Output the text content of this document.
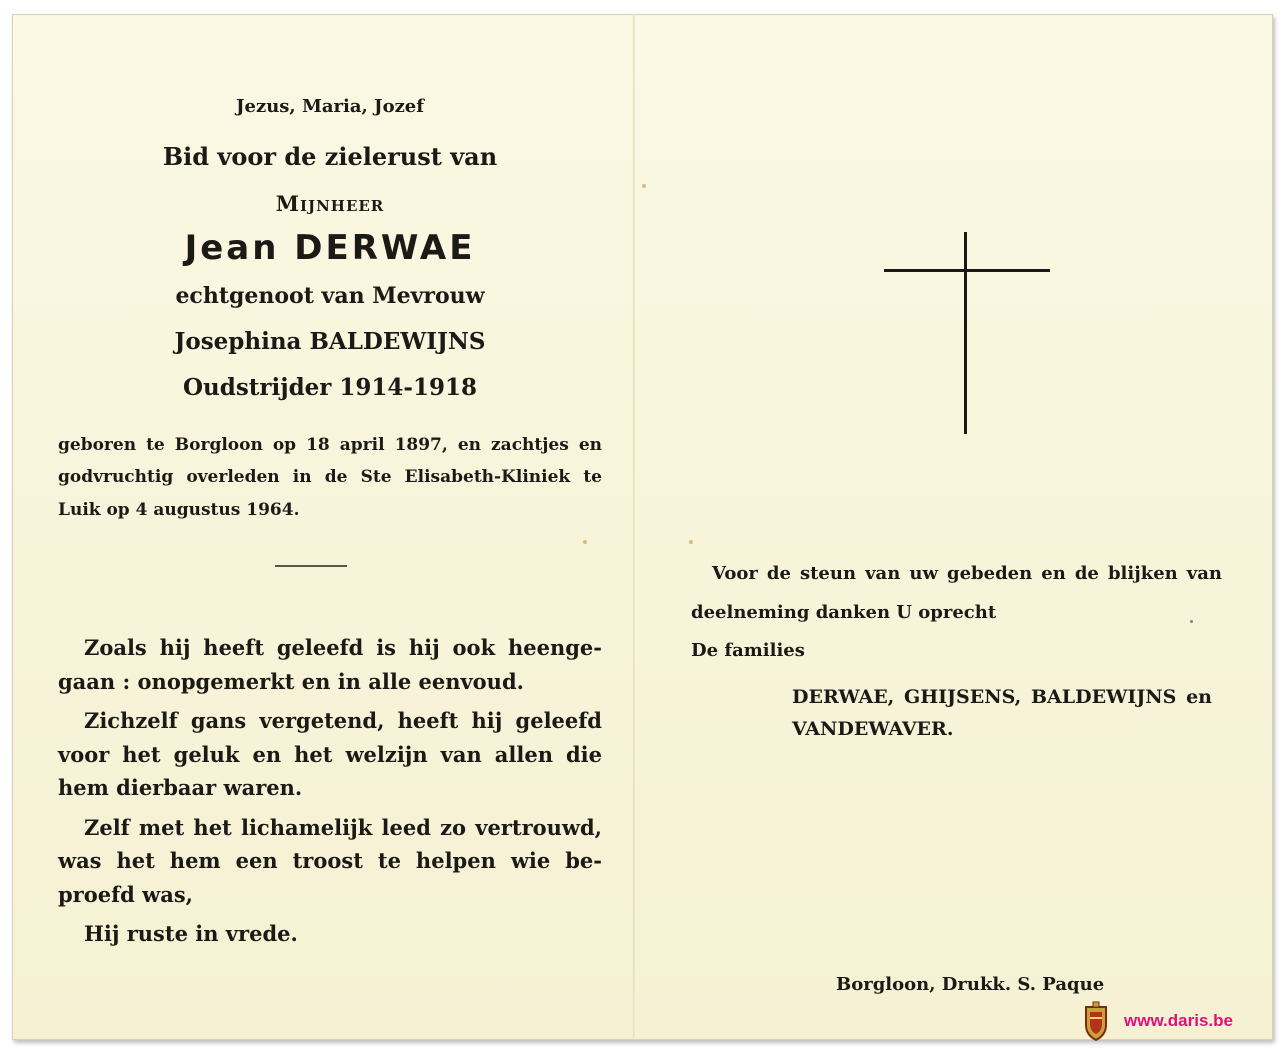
Jezus, Maria, Jozef
Bid voor de zielerust van
Mijnheer
Jean DERWAE
echtgenoot van Mevrouw
Josephina BALDEWIJNS
Oudstrijder 1914-1918
geboren te Borgloon op 18 april 1897, en zachtjes en
godvruchtig overleden in de Ste Elisabeth-Kliniek te
Luik op 4 augustus 1964.
Zoals hij heeft geleefd is hij ook heenge-
gaan : onopgemerkt en in alle eenvoud.
Zichzelf gans vergetend, heeft hij geleefd
voor het geluk en het welzijn van allen die
hem dierbaar waren.
Zelf met het lichamelijk leed zo vertrouwd,
was het hem een troost te helpen wie be-
proefd was,
Hij ruste in vrede.
Voor de steun van uw gebeden en de blijken van
deelneming danken U oprecht
De families
DERWAE, GHIJSENS, BALDEWIJNS en
VANDEWAVER.
Borgloon, Drukk. S. Paque
www.daris.be
